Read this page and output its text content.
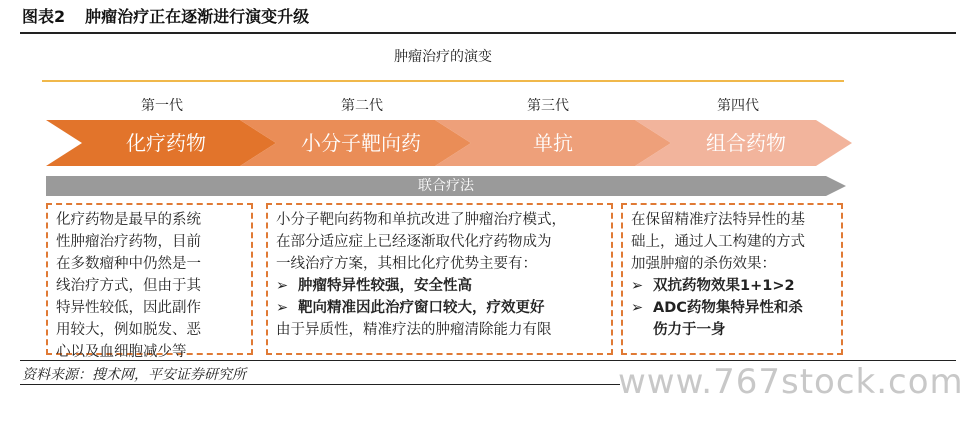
图表2 肿瘤治疗正在逐渐进行演变升级
肿瘤治疗的演变
第一代	第二代	第三代	第四代
化疗药物	小分子靶向药	单抗	组合药物
联合疗法

化疗药物是最早的系统

性肿瘤治疗药物，目前

在多数瘤种中仍然是一

线治疗方式，但由于其

特异性较低，因此副作

用较大，例如脱发、恶

心以及血细胞减少等

小分子靶向药物和单抗改进了肿瘤治疗模式，

在部分适应症上已经逐渐取代化疗药物成为

一线治疗方案，其相比化疗优势主要有：

➢ 肿瘤特异性较强，安全性高

➢ 靶向精准因此治疗窗口较大，疗效更好

由于异质性，精准疗法的肿瘤清除能力有限

在保留精准疗法特异性的基

础上，通过人工构建的方式

加强肿瘤的杀伤效果：

➢ 双抗药物效果1+1>2

➢ ADC药物集特异性和杀

伤力于一身

资料来源：搜术网，平安证券研究所	www.767stock.com
